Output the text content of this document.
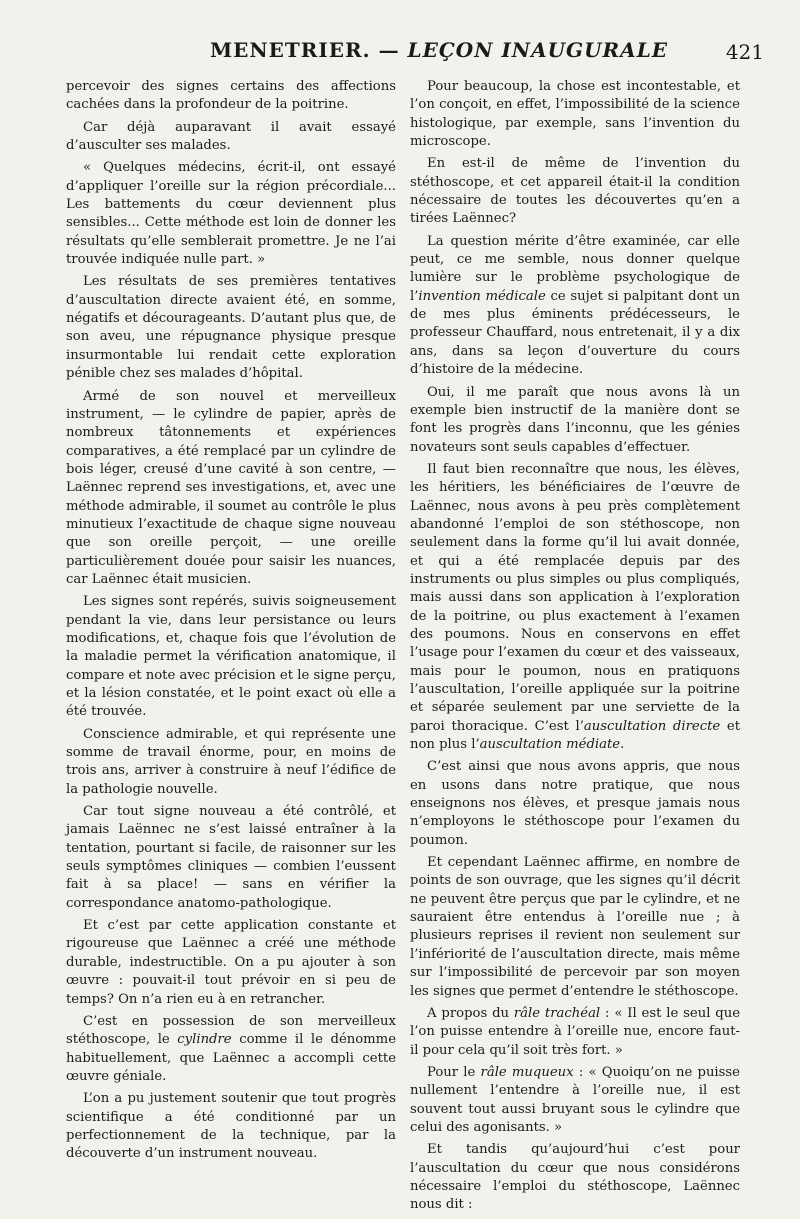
MENETRIER. — LEÇON INAUGURALE	421

percevoir des signes certains des affections cachées dans la profondeur de la poitrine.

Car déjà auparavant il avait essayé d’ausculter ses malades.

« Quelques médecins, écrit-il, ont essayé d’appliquer l’oreille sur la région précordiale... Les battements du cœur deviennent plus sensibles... Cette méthode est loin de donner les résultats qu’elle semblerait promettre. Je ne l’ai trouvée indiquée nulle part. »

Les résultats de ses premières tentatives d’auscultation directe avaient été, en somme, négatifs et décourageants. D’autant plus que, de son aveu, une répugnance physique presque insurmontable lui rendait cette exploration pénible chez ses malades d’hôpital.

Armé de son nouvel et merveilleux instrument, — le cylindre de papier, après de nombreux tâtonnements et expériences comparatives, a été remplacé par un cylindre de bois léger, creusé d’une cavité à son centre, — Laënnec reprend ses investigations, et, avec une méthode admirable, il soumet au contrôle le plus minutieux l’exactitude de chaque signe nouveau que son oreille perçoit, — une oreille particulièrement douée pour saisir les nuances, car Laënnec était musicien.

Les signes sont repérés, suivis soigneusement pendant la vie, dans leur persistance ou leurs modifications, et, chaque fois que l’évolution de la maladie permet la vérification anatomique, il compare et note avec précision et le signe perçu, et la lésion constatée, et le point exact où elle a été trouvée.

Conscience admirable, et qui représente une somme de travail énorme, pour, en moins de trois ans, arriver à construire à neuf l’édifice de la pathologie nouvelle.

Car tout signe nouveau a été contrôlé, et jamais Laënnec ne s’est laissé entraîner à la tentation, pourtant si facile, de raisonner sur les seuls symptômes cliniques — combien l’eussent fait à sa place! — sans en vérifier la correspondance anatomo-pathologique.

Et c’est par cette application constante et rigoureuse que Laënnec a créé une méthode durable, indestructible. On a pu ajouter à son œuvre : pouvait-il tout prévoir en si peu de temps? On n’a rien eu à en retrancher.

C’est en possession de son merveilleux stéthoscope, le cylindre comme il le dénomme habituellement, que Laënnec a accompli cette œuvre géniale.

L’on a pu justement soutenir que tout progrès scientifique a été conditionné par un perfectionnement de la technique, par la découverte d’un instrument nouveau.

Pour beaucoup, la chose est incontestable, et l’on conçoit, en effet, l’impossibilité de la science histologique, par exemple, sans l’invention du microscope.

En est-il de même de l’invention du stéthoscope, et cet appareil était-il la condition nécessaire de toutes les découvertes qu’en a tirées Laënnec?

La question mérite d’être examinée, car elle peut, ce me semble, nous donner quelque lumière sur le problème psychologique de l’invention médicale ce sujet si palpitant dont un de mes plus éminents prédécesseurs, le professeur Chauffard, nous entretenait, il y a dix ans, dans sa leçon d’ouverture du cours d’histoire de la médecine.

Oui, il me paraît que nous avons là un exemple bien instructif de la manière dont se font les progrès dans l’inconnu, que les génies novateurs sont seuls capables d’effectuer.

Il faut bien reconnaître que nous, les élèves, les héritiers, les bénéficiaires de l’œuvre de Laënnec, nous avons à peu près complètement abandonné l’emploi de son stéthoscope, non seulement dans la forme qu’il lui avait donnée, et qui a été remplacée depuis par des instruments ou plus simples ou plus compliqués, mais aussi dans son application à l’exploration de la poitrine, ou plus exactement à l’examen des poumons. Nous en conservons en effet l’usage pour l’examen du cœur et des vaisseaux, mais pour le poumon, nous en pratiquons l’auscultation, l’oreille appliquée sur la poitrine et séparée seulement par une serviette de la paroi thoracique. C’est l’auscultation directe et non plus l’auscultation médiate.

C’est ainsi que nous avons appris, que nous en usons dans notre pratique, que nous enseignons nos élèves, et presque jamais nous n’employons le stéthoscope pour l’examen du poumon.

Et cependant Laënnec affirme, en nombre de points de son ouvrage, que les signes qu’il décrit ne peuvent être perçus que par le cylindre, et ne sauraient être entendus à l’oreille nue ; à plusieurs reprises il revient non seulement sur l’infériorité de l’auscultation directe, mais même sur l’impossibilité de percevoir par son moyen les signes que permet d’entendre le stéthoscope.

A propos du râle trachéal : « Il est le seul que l’on puisse entendre à l’oreille nue, encore faut-il pour cela qu’il soit très fort. »

Pour le râle muqueux : « Quoiqu’on ne puisse nullement l’entendre à l’oreille nue, il est souvent tout aussi bruyant sous le cylindre que celui des agonisants. »

Et tandis qu’aujourd’hui c’est pour l’auscultation du cœur que nous considérons nécessaire l’emploi du stéthoscope, Laënnec nous dit :
